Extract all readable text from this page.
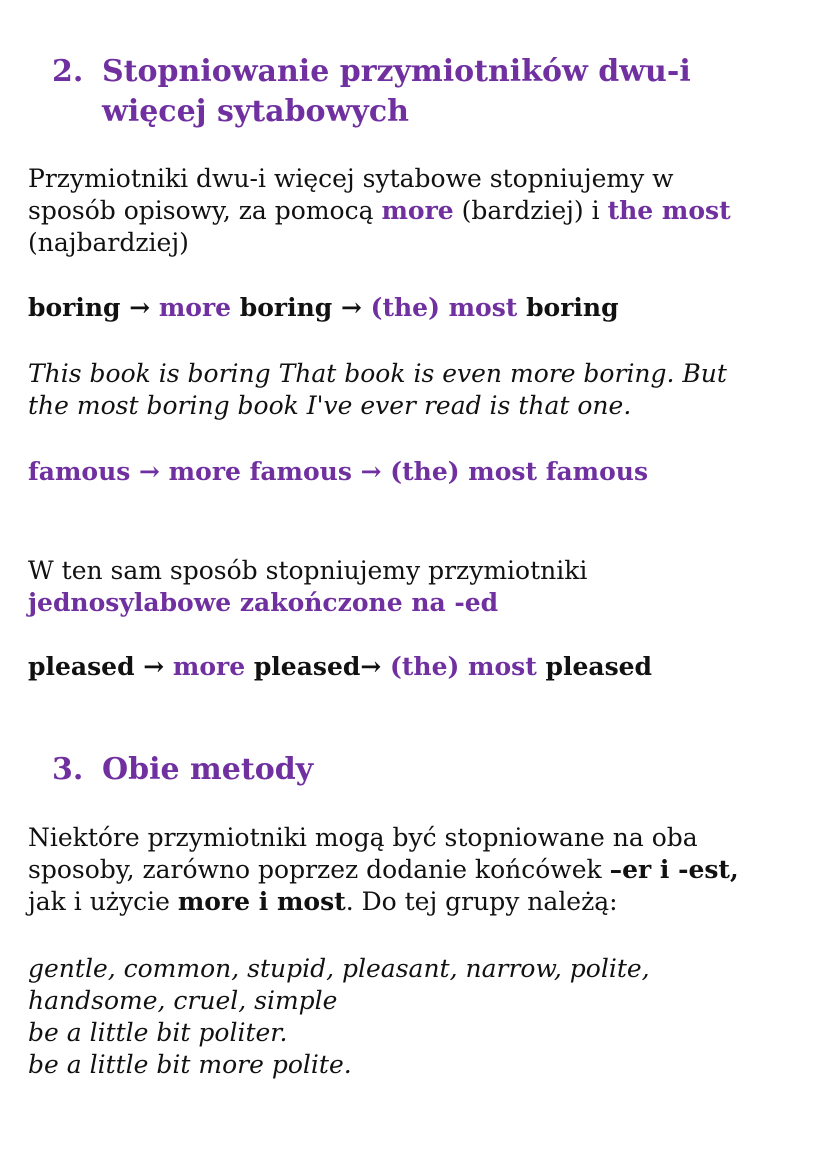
2. Stopniowanie przymiotników dwu-i
więcej sytabowych

Przymiotniki dwu-i więcej sytabowe stopniujemy w
sposób opisowy, za pomocą more (bardziej) i the most
(najbardziej)

boring → more boring → (the) most boring

This book is boring That book is even more boring. But
the most boring book I've ever read is that one.

famous → more famous → (the) most famous

W ten sam sposób stopniujemy przymiotniki
jednosylabowe zakończone na -ed

pleased → more pleased→ (the) most pleased

3. Obie metody

Niektóre przymiotniki mogą być stopniowane na oba
sposoby, zarówno poprzez dodanie końcówek –er i -est,
jak i użycie more i most. Do tej grupy należą:

gentle, common, stupid, pleasant, narrow, polite,
handsome, cruel, simple
be a little bit politer.
be a little bit more polite.
